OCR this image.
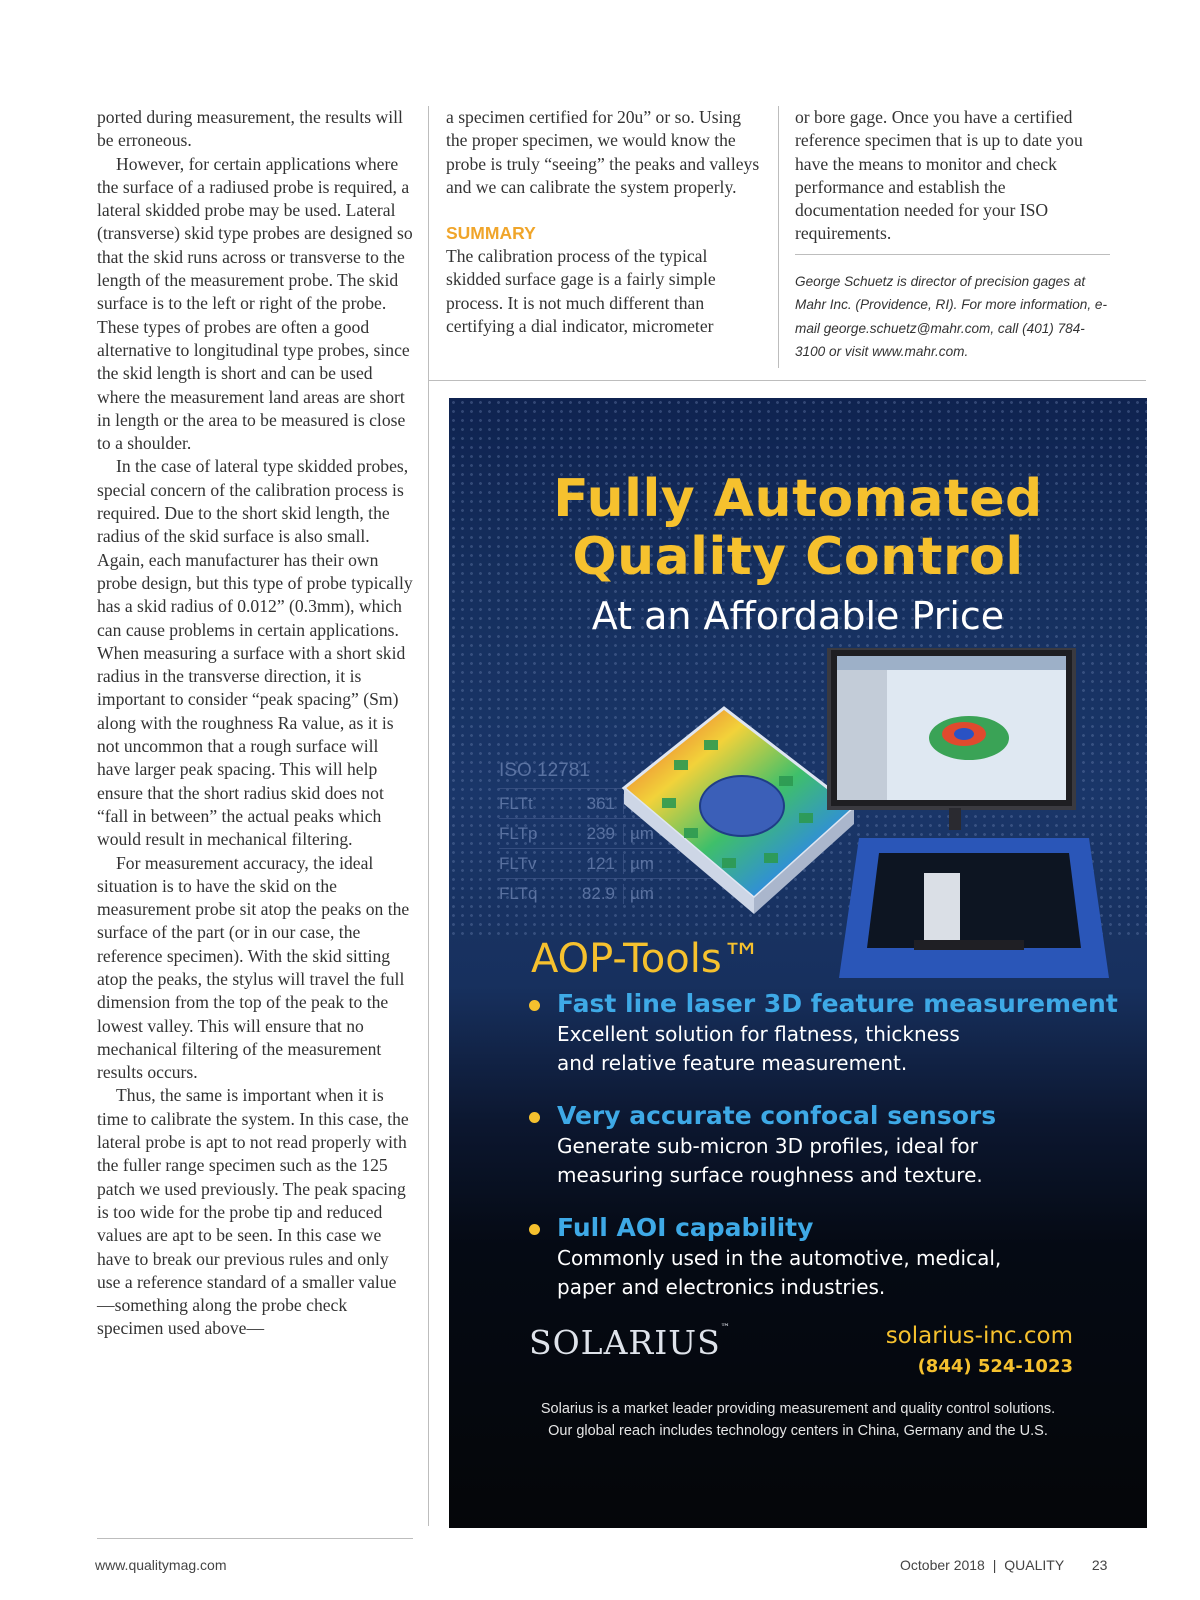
ported during measurement, the results will be erroneous.

However, for certain applications where the surface of a radiused probe is required, a lateral skidded probe may be used. Lateral (transverse) skid type probes are designed so that the skid runs across or transverse to the length of the measurement probe. The skid surface is to the left or right of the probe. These types of probes are often a good alternative to longitudinal type probes, since the skid length is short and can be used where the measurement land areas are short in length or the area to be measured is close to a shoulder.

In the case of lateral type skidded probes, special concern of the calibration process is required. Due to the short skid length, the radius of the skid surface is also small. Again, each manufacturer has their own probe design, but this type of probe typically has a skid radius of 0.012” (0.3mm), which can cause problems in certain applications. When measuring a surface with a short skid radius in the transverse direction, it is important to consider “peak spacing” (Sm) along with the roughness Ra value, as it is not uncommon that a rough surface will have larger peak spacing. This will help ensure that the short radius skid does not “fall in between” the actual peaks which would result in mechanical filtering.

For measurement accuracy, the ideal situation is to have the skid on the measurement probe sit atop the peaks on the surface of the part (or in our case, the reference specimen). With the skid sitting atop the peaks, the stylus will travel the full dimension from the top of the peak to the lowest valley. This will ensure that no mechanical filtering of the measurement results occurs.

Thus, the same is important when it is time to calibrate the system. In this case, the lateral probe is apt to not read properly with the fuller range specimen such as the 125 patch we used previously. The peak spacing is too wide for the probe tip and reduced values are apt to be seen. In this case we have to break our previous rules and only use a reference standard of a smaller value—something along the probe check specimen used above—

a specimen certified for 20u” or so. Using the proper specimen, we would know the probe is truly “seeing” the peaks and valleys and we can calibrate the system properly.

SUMMARY

The calibration process of the typical skidded surface gage is a fairly simple process. It is not much different than certifying a dial indicator, micrometer

or bore gage. Once you have a certified reference specimen that is up to date you have the means to monitor and check performance and establish the documentation needed for your ISO requirements.

George Schuetz is director of precision gages at Mahr Inc. (Providence, RI). For more information, e-mail george.schuetz@mahr.com, call (401) 784-3100 or visit www.mahr.com.
Fully Automated
Quality Control
At an Affordable Price
ISO 12781
FLTt	361
FLTp	239 µm
FLTv	121 µm
FLTq	82.9 µm
AOP-Tools™
Fast line laser 3D feature measurement
Excellent solution for flatness, thickness
and relative feature measurement.
Very accurate confocal sensors
Generate sub-micron 3D profiles, ideal for
measuring surface roughness and texture.
Full AOI capability
Commonly used in the automotive, medical,
paper and electronics industries.
SOLARIUS™	solarius-inc.com
(844) 524-1023
Solarius is a market leader providing measurement and quality control solutions.
Our global reach includes technology centers in China, Germany and the U.S.
www.qualitymag.com	October 2018 | QUALITY 23
